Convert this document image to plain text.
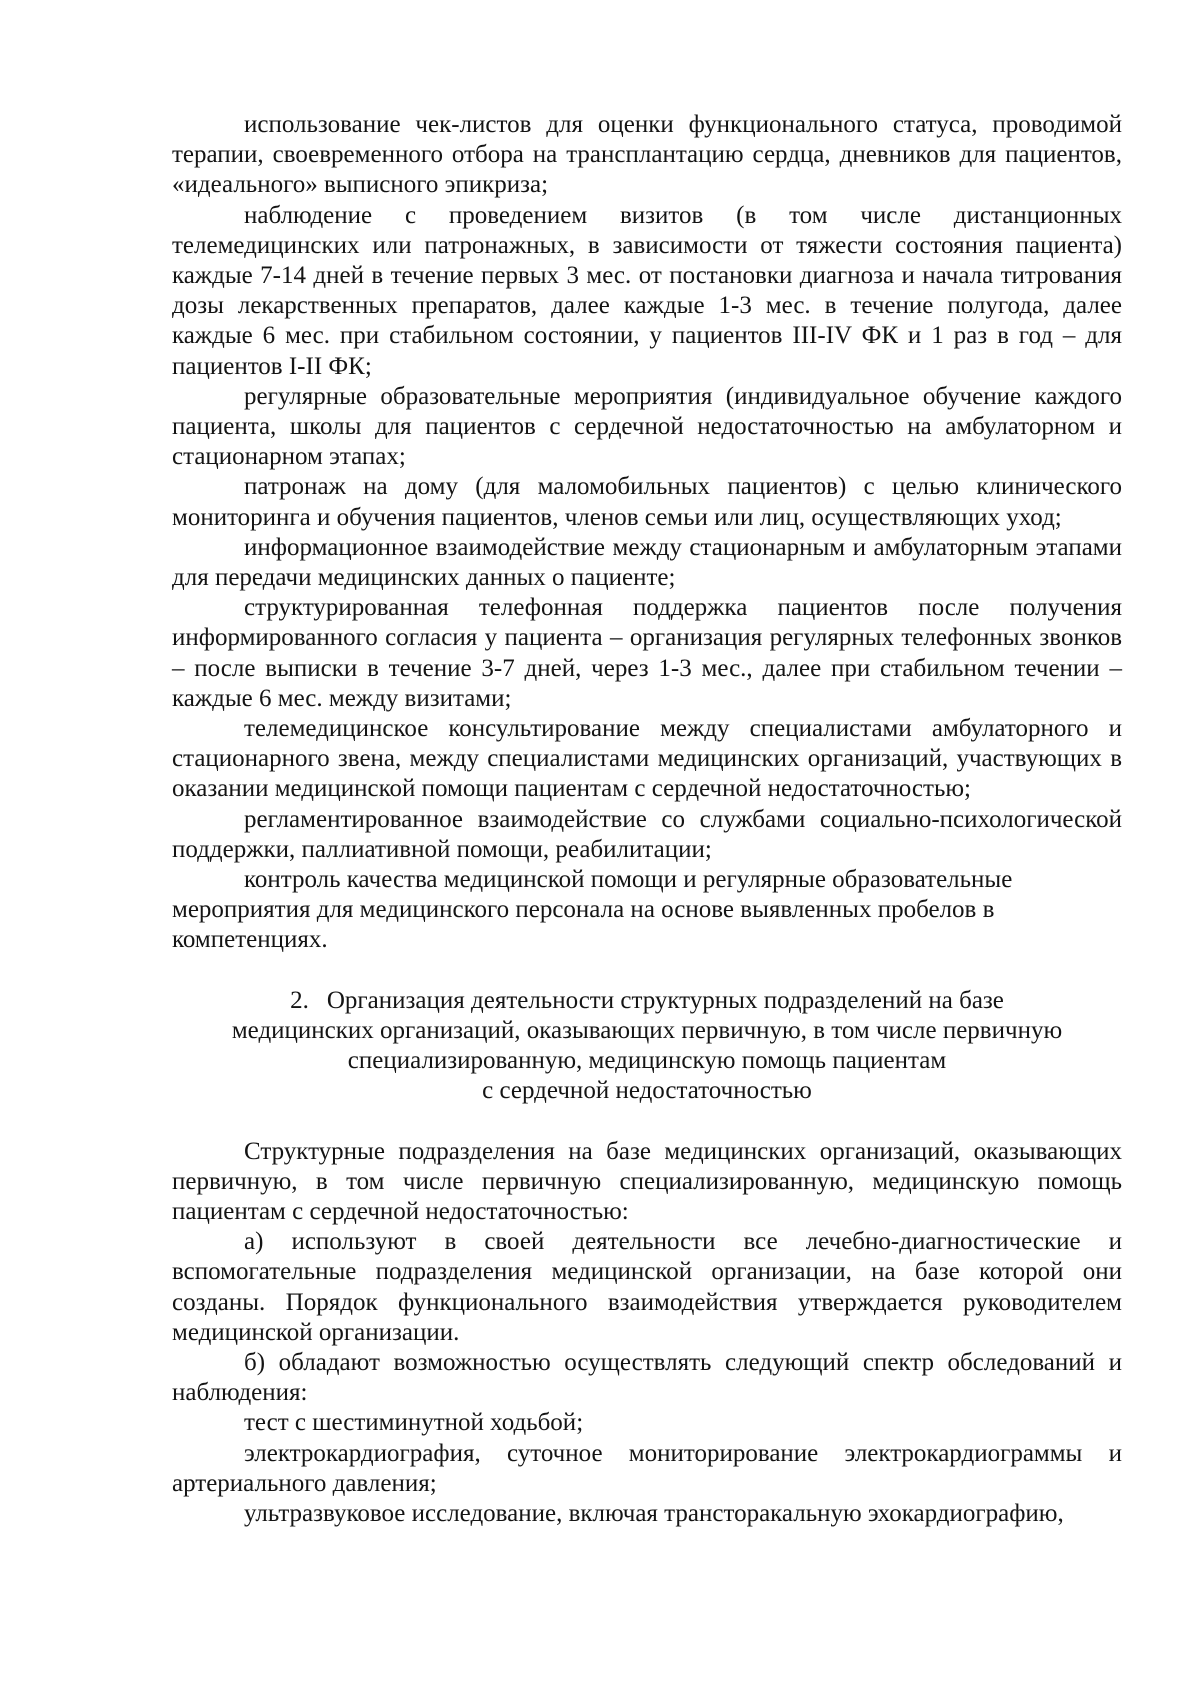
использование чек-листов для оценки функционального статуса, проводимой терапии, своевременного отбора на трансплантацию сердца, дневников для пациентов, «идеального» выписного эпикриза;

наблюдение с проведением визитов (в том числе дистанционных телемедицинских или патронажных, в зависимости от тяжести состояния пациента) каждые 7-14 дней в течение первых 3 мес. от постановки диагноза и начала титрования дозы лекарственных препаратов, далее каждые 1-3 мес. в течение полугода, далее каждые 6 мес. при стабильном состоянии, у пациентов III-IV ФК и 1 раз в год – для пациентов I-II ФК;

регулярные образовательные мероприятия (индивидуальное обучение каждого пациента, школы для пациентов с сердечной недостаточностью на амбулаторном и стационарном этапах;

патронаж на дому (для маломобильных пациентов) с целью клинического мониторинга и обучения пациентов, членов семьи или лиц, осуществляющих уход;

информационное взаимодействие между стационарным и амбулаторным этапами для передачи медицинских данных о пациенте;

структурированная телефонная поддержка пациентов после получения информированного согласия у пациента – организация регулярных телефонных звонков – после выписки в течение 3-7 дней, через 1-3 мес., далее при стабильном течении – каждые 6 мес. между визитами;

телемедицинское консультирование между специалистами амбулаторного и стационарного звена, между специалистами медицинских организаций, участвующих в оказании медицинской помощи пациентам с сердечной недостаточностью;

регламентированное взаимодействие со службами социально-психологической поддержки, паллиативной помощи, реабилитации;

контроль качества медицинской помощи и регулярные образовательные мероприятия для медицинского персонала на основе выявленных пробелов в компетенциях.

2. Организация деятельности структурных подразделений на базе
медицинских организаций, оказывающих первичную, в том числе первичную
специализированную, медицинскую помощь пациентам
с сердечной недостаточностью

Структурные подразделения на базе медицинских организаций, оказывающих первичную, в том числе первичную специализированную, медицинскую помощь пациентам с сердечной недостаточностью:

а) используют в своей деятельности все лечебно-диагностические и вспомогательные подразделения медицинской организации, на базе которой они созданы. Порядок функционального взаимодействия утверждается руководителем медицинской организации.

б) обладают возможностью осуществлять следующий спектр обследований и наблюдения:

тест с шестиминутной ходьбой;

электрокардиография, суточное мониторирование электрокардиограммы и артериального давления;

ультразвуковое исследование, включая трансторакальную эхокардиографию,
